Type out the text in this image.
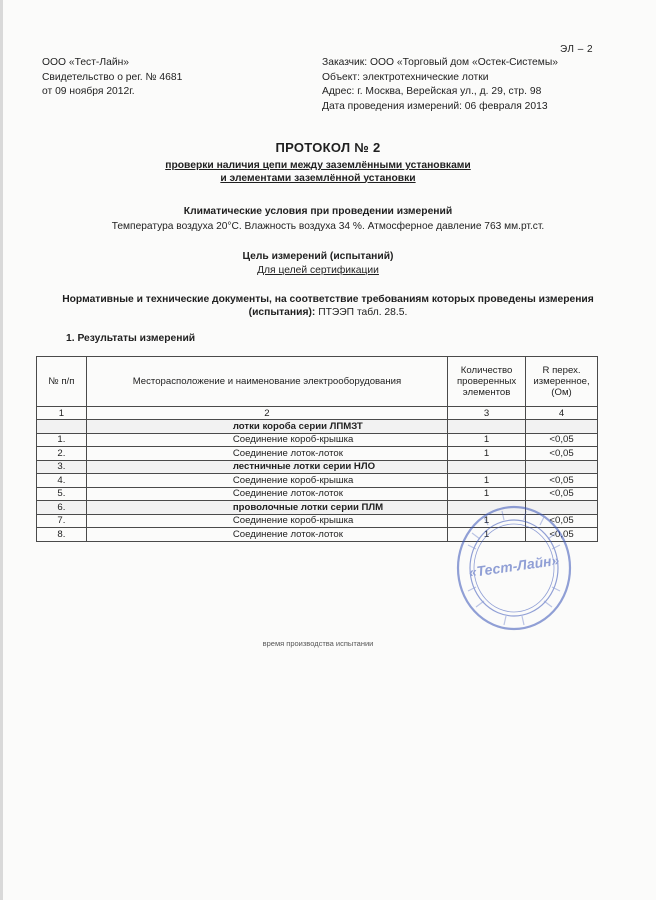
ЭЛ – 2
ООО «Тест-Лайн»
Свидетельство о рег. № 4681
от 09 ноября 2012г.
Заказчик: ООО «Торговый дом «Остек-Системы»
Объект: электротехнические лотки
Адрес: г. Москва, Верейская ул., д. 29, стр. 98
Дата проведения измерений: 06 февраля 2013
ПРОТОКОЛ № 2
проверки наличия цепи между заземлёнными установками
и элементами заземлённой установки
Климатические условия при проведении измерений
Температура воздуха 20°С. Влажность воздуха 34 %. Атмосферное давление 763 мм.рт.ст.
Цель измерений (испытаний)
Для целей сертификации
Нормативные и технические документы, на соответствие требованиям которых проведены измерения
(испытания): ПТЭЭП табл. 28.5.
1. Результаты измерений
№ п/п	Месторасположение и наименование электрооборудования	Количество проверенных элементов	R перех. измеренное, (Ом)
1	2	3	4
	лотки короба серии ЛПМЗТ		
1.	Соединение короб-крышка	1	<0,05
2.	Соединение лоток-лоток	1	<0,05
3.	лестничные лотки серии НЛО		
4.	Соединение короб-крышка	1	<0,05
5.	Соединение лоток-лоток	1	<0,05
6.	проволочные лотки серии ПЛМ		
7.	Соединение короб-крышка	1	<0,05
8.	Соединение лоток-лоток	1	<0,05
«Тест-Лайн»
время производства испытании
